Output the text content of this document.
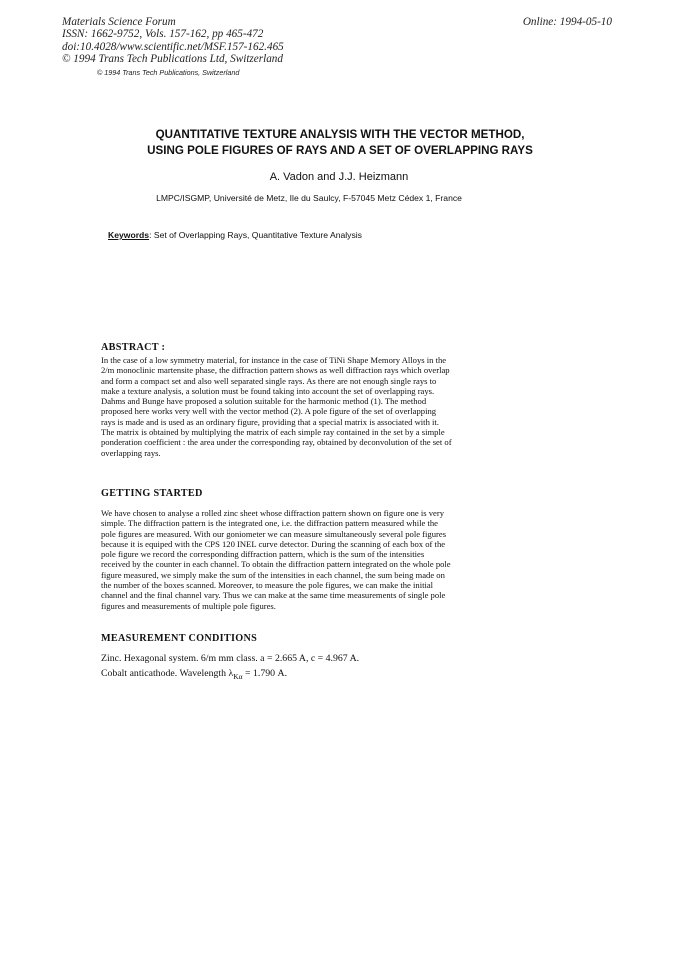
Materials Science Forum
ISSN: 1662-9752, Vols. 157-162, pp 465-472
doi:10.4028/www.scientific.net/MSF.157-162.465
© 1994 Trans Tech Publications Ltd, Switzerland
Online: 1994-05-10
© 1994 Trans Tech Publications, Switzerland
QUANTITATIVE TEXTURE ANALYSIS WITH THE VECTOR METHOD,
USING POLE FIGURES OF RAYS AND A SET OF OVERLAPPING RAYS
A. Vadon and J.J. Heizmann
LMPC/ISGMP, Université de Metz, Ile du Saulcy, F-57045 Metz Cédex 1, France
Keywords: Set of Overlapping Rays, Quantitative Texture Analysis
ABSTRACT :
In the case of a low symmetry material, for instance in the case of TiNi Shape Memory Alloys in the
2/m monoclinic martensite phase, the diffraction pattern shows as well diffraction rays which overlap
and form a compact set and also well separated single rays. As there are not enough single rays to
make a texture analysis, a solution must be found taking into account the set of overlapping rays.
Dahms and Bunge have proposed a solution suitable for the harmonic method (1). The method
proposed here works very well with the vector method (2). A pole figure of the set of overlapping
rays is made and is used as an ordinary figure, providing that a special matrix is associated with it.
The matrix is obtained by multiplying the matrix of each simple ray contained in the set by a simple
ponderation coefficient : the area under the corresponding ray, obtained by deconvolution of the set of
overlapping rays.
GETTING STARTED
We have chosen to analyse a rolled zinc sheet whose diffraction pattern shown on figure one is very
simple. The diffraction pattern is the integrated one, i.e. the diffraction pattern measured while the
pole figures are measured. With our goniometer we can measure simultaneously several pole figures
because it is equiped with the CPS 120 INEL curve detector. During the scanning of each box of the
pole figure we record the corresponding diffraction pattern, which is the sum of the intensities
received by the counter in each channel. To obtain the diffraction pattern integrated on the whole pole
figure measured, we simply make the sum of the intensities in each channel, the sum being made on
the number of the boxes scanned. Moreover, to measure the pole figures, we can make the initial
channel and the final channel vary. Thus we can make at the same time measurements of single pole
figures and measurements of multiple pole figures.
MEASUREMENT CONDITIONS
Zinc. Hexagonal system. 6/m mm class. a = 2.665 A, c = 4.967 A.
Cobalt anticathode. Wavelength $\lambda_{K\alpha} = 1.790$ A.
